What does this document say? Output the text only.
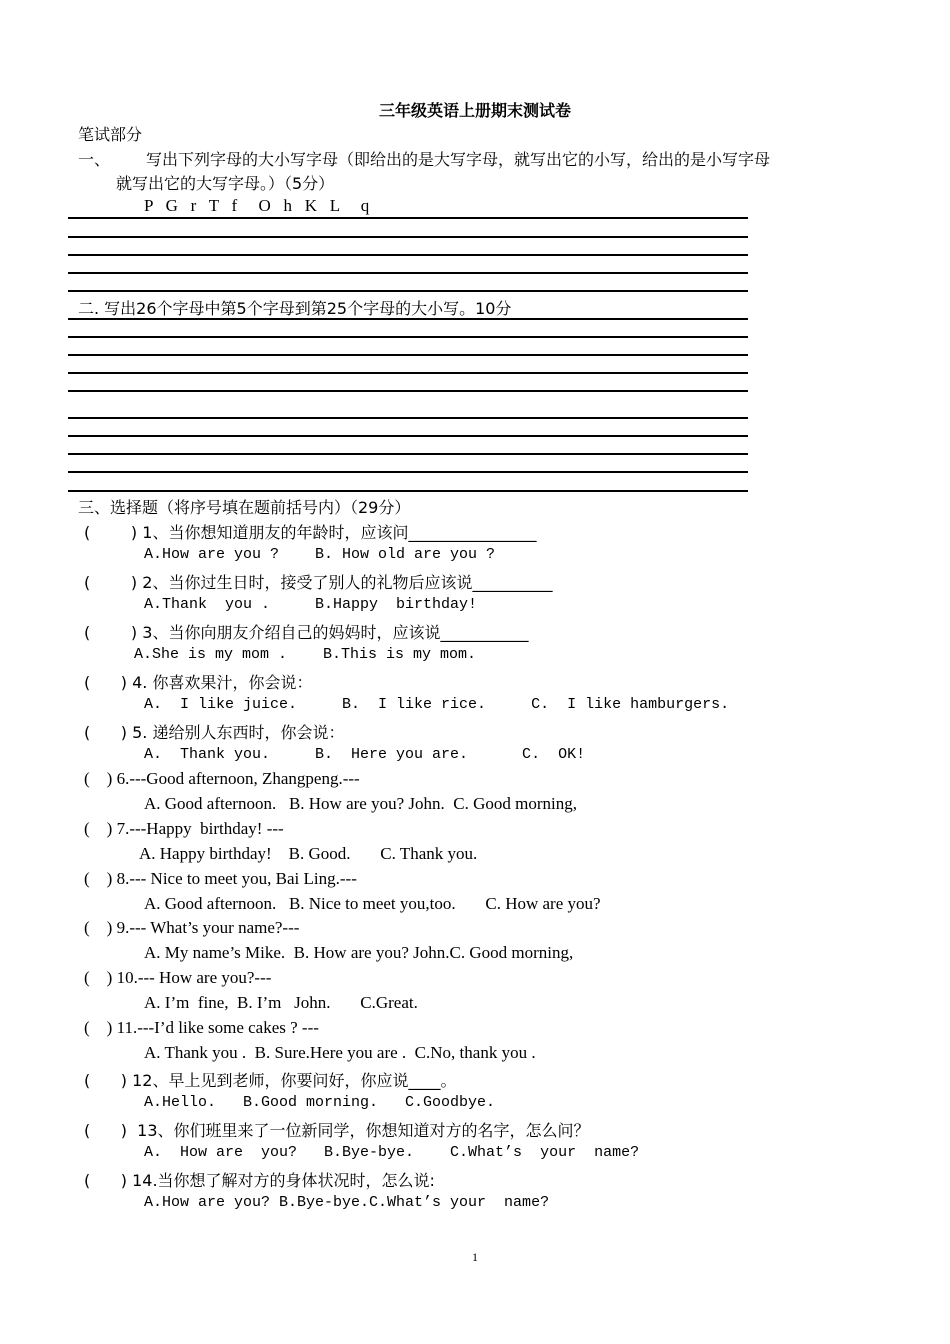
三年级英语上册期末测试卷
笔试部分
一、 写出下列字母的大小写字母（即给出的是大写字母，就写出它的小写，给出的是小写字母
就写出它的大写字母。）（5分）
P   G   r   T   f     O   h   K   L     q
二. 写出26个字母中第5个字母到第25个字母的大小写。10分
三、选择题（将序号填在题前括号内）（29分）
(        ) 1、当你想知道朋友的年龄时，应该问________________
A.How are you ?    B. How old are you ?
(        ) 2、当你过生日时，接受了别人的礼物后应该说__________
A.Thank  you .     B.Happy  birthday!
(        ) 3、当你向朋友介绍自己的妈妈时，应该说___________
A.She is my mom .    B.This is my mom.
(      ) 4. 你喜欢果汁，你会说：
A.  I like juice.     B.  I like rice.     C.  I like hamburgers.
(      ) 5. 递给别人东西时，你会说：
A.  Thank you.     B.  Here you are.      C.  OK!
(    ) 6.---Good afternoon, Zhangpeng.---
A. Good afternoon.   B. How are you? John.  C. Good morning,
(    ) 7.---Happy  birthday! ---
A. Happy birthday!    B. Good.       C. Thank you.
(    ) 8.--- Nice to meet you, Bai Ling.---
A. Good afternoon.   B. Nice to meet you,too.       C. How are you?
(    ) 9.--- What’s your name?---
A. My name’s Mike.  B. How are you? John.C. Good morning,
(    ) 10.--- How are you?---
A. I’m  fine,  B. I’m   John.       C.Great.
(    ) 11.---I’d like some cakes ? ---
A. Thank you .  B. Sure.Here you are .  C.No, thank you .
(      ) 12、早上见到老师，你要问好，你应说____。
A.Hello.   B.Good morning.   C.Goodbye.
(      )  13、你们班里来了一位新同学，你想知道对方的名字，怎么问？
A.  How are  you?   B.Bye-bye.    C.What’s  your  name?
(      ) 14.当你想了解对方的身体状况时，怎么说:
A.How are you? B.Bye-bye.C.What’s your  name?
1
